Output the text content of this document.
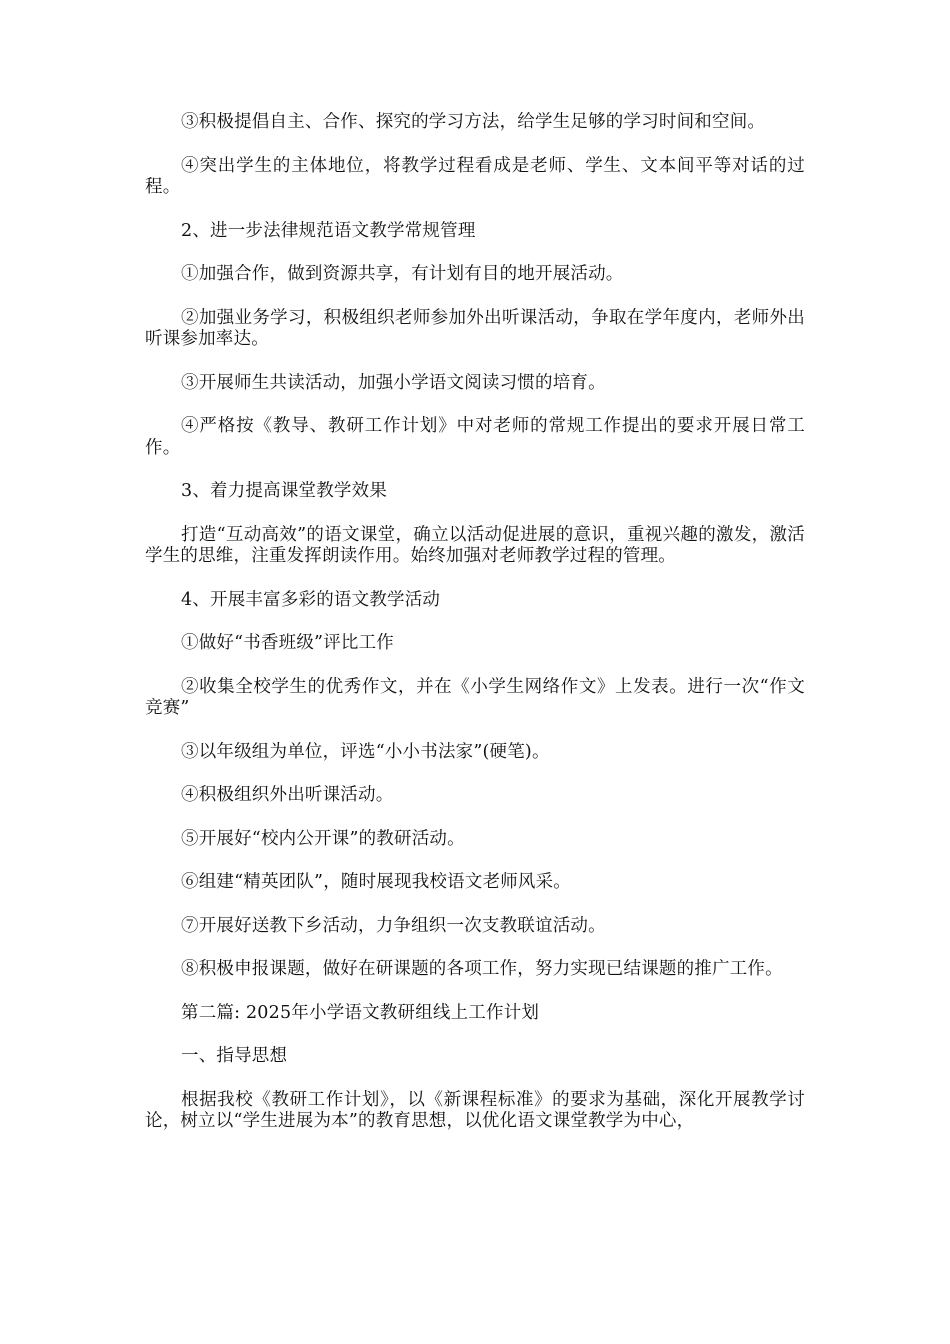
③积极提倡自主、合作、探究的学习方法，给学生足够的学习时间和空间。

④突出学生的主体地位，将教学过程看成是老师、学生、文本间平等对话的过程。

2、进一步法律规范语文教学常规管理

①加强合作，做到资源共享，有计划有目的地开展活动。

②加强业务学习，积极组织老师参加外出听课活动，争取在学年度内，老师外出听课参加率达。

③开展师生共读活动，加强小学语文阅读习惯的培育。

④严格按《教导、教研工作计划》中对老师的常规工作提出的要求开展日常工作。

3、着力提高课堂教学效果

打造“互动高效”的语文课堂，确立以活动促进展的意识，重视兴趣的激发，激活学生的思维，注重发挥朗读作用。始终加强对老师教学过程的管理。

4、开展丰富多彩的语文教学活动

①做好“书香班级”评比工作

②收集全校学生的优秀作文，并在《小学生网络作文》上发表。进行一次“作文竞赛”

③以年级组为单位，评选“小小书法家”(硬笔)。

④积极组织外出听课活动。

⑤开展好“校内公开课”的教研活动。

⑥组建“精英团队”，随时展现我校语文老师风采。

⑦开展好送教下乡活动，力争组织一次支教联谊活动。

⑧积极申报课题，做好在研课题的各项工作，努力实现已结课题的推广工作。

第二篇: 2025年小学语文教研组线上工作计划

一、指导思想

根据我校《教研工作计划》，以《新课程标准》的要求为基础，深化开展教学讨论，树立以“学生进展为本”的教育思想，以优化语文课堂教学为中心，
